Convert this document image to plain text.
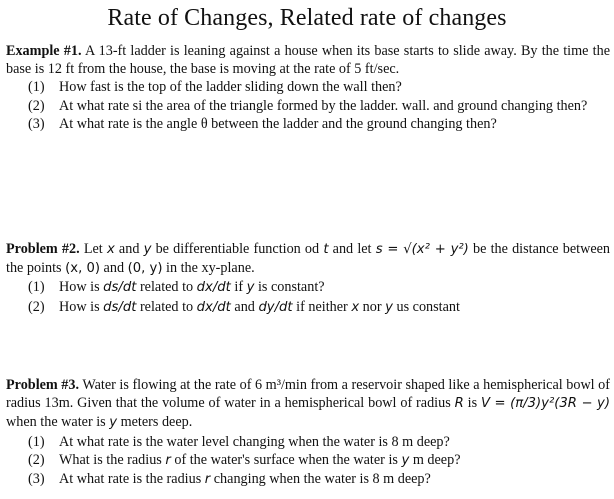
Rate of Changes, Related rate of changes
Example #1. A 13-ft ladder is leaning against a house when its base starts to slide away. By the time the base is 12 ft from the house, the base is moving at the rate of 5 ft/sec.
(1) How fast is the top of the ladder sliding down the wall then?
(2) At what rate si the area of the triangle formed by the ladder. wall. and ground changing then?
(3) At what rate is the angle θ between the ladder and the ground changing then?
Problem #2. Let x and y be differentiable function od t and let s = √(x² + y²) be the distance between the points (x, 0) and (0, y) in the xy-plane.
(1) How is ds/dt related to dx/dt if y is constant?
(2) How is ds/dt related to dx/dt and dy/dt if neither x nor y us constant
Problem #3. Water is flowing at the rate of 6 m³/min from a reservoir shaped like a hemispherical bowl of radius 13m. Given that the volume of water in a hemispherical bowl of radius R is V = (π/3)y²(3R − y) when the water is y meters deep.
(1) At what rate is the water level changing when the water is 8 m deep?
(2) What is the radius r of the water's surface when the water is y m deep?
(3) At what rate is the radius r changing when the water is 8 m deep?
